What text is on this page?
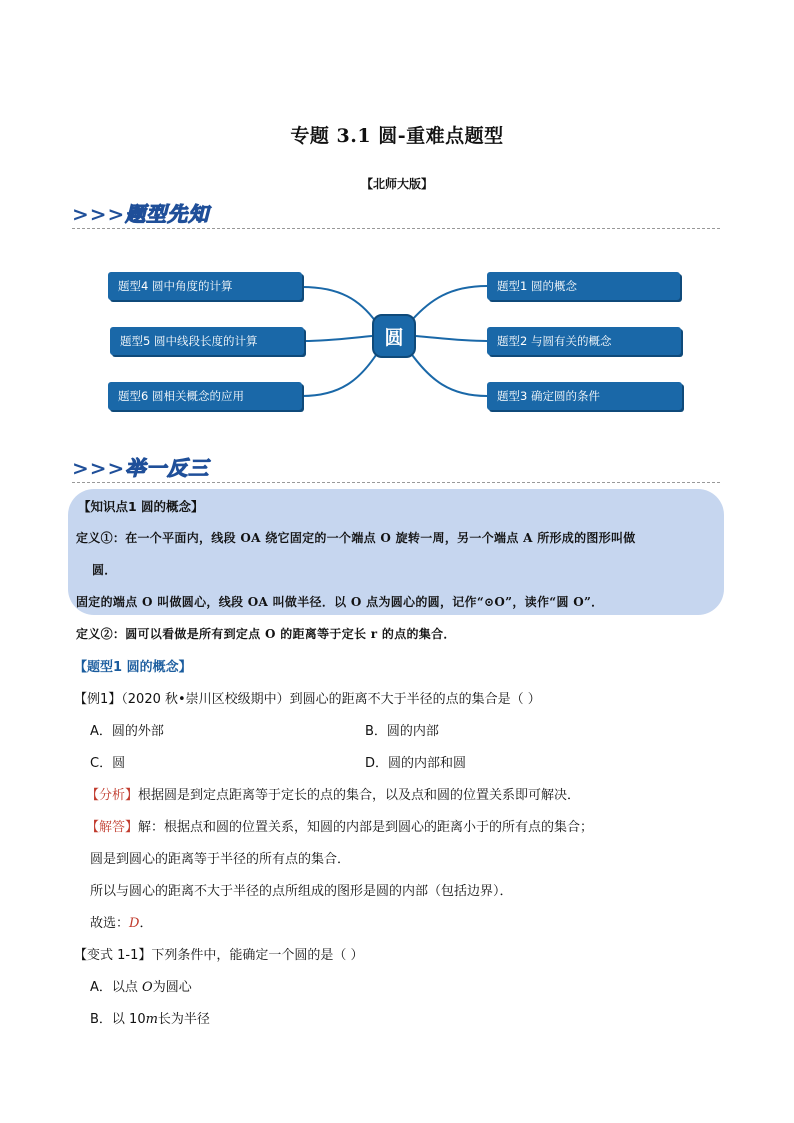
专题 3.1 圆-重难点题型
【北师大版】
>>>题型先知
题型4 圆中角度的计算
题型5 圆中线段长度的计算
题型6 圆相关概念的应用
圆
题型1 圆的概念
题型2 与圆有关的概念
题型3 确定圆的条件
>>>举一反三
【知识点1 圆的概念】
定义①：在一个平面内，线段 OA 绕它固定的一个端点 O 旋转一周，另一个端点 A 所形成的图形叫做
圆．
固定的端点 O 叫做圆心，线段 OA 叫做半径．以 O 点为圆心的圆，记作“⊙O”，读作“圆 O”．
定义②：圆可以看做是所有到定点 O 的距离等于定长 r 的点的集合．
【题型1 圆的概念】
【例1】（2020 秋•崇川区校级期中）到圆心的距离不大于半径的点的集合是（ ）
A．圆的外部	B．圆的内部
C．圆	D．圆的内部和圆
【分析】根据圆是到定点距离等于定长的点的集合，以及点和圆的位置关系即可解决．
【解答】解：根据点和圆的位置关系，知圆的内部是到圆心的距离小于的所有点的集合；
圆是到圆心的距离等于半径的所有点的集合．
所以与圆心的距离不大于半径的点所组成的图形是圆的内部（包括边界）．
故选：D．
【变式 1-1】下列条件中，能确定一个圆的是（ ）
A．以点 O为圆心
B．以 10m长为半径
